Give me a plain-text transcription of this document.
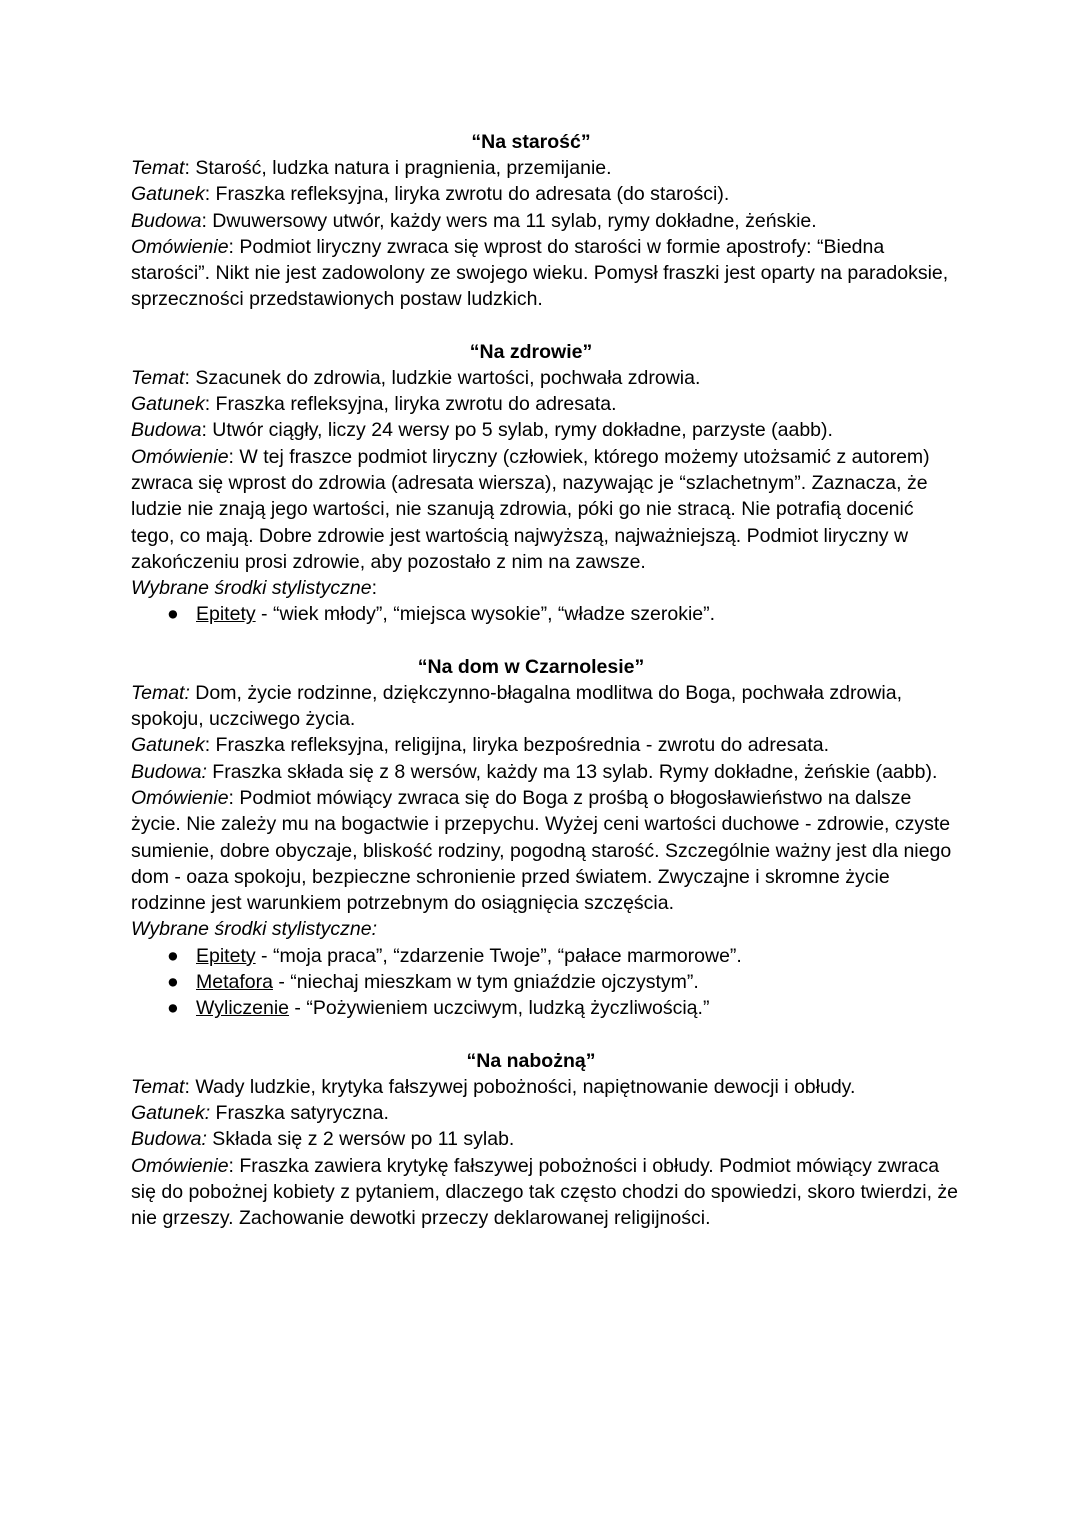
“Na starość”

Temat: Starość, ludzka natura i pragnienia, przemijanie.

Gatunek: Fraszka refleksyjna, liryka zwrotu do adresata (do starości).

Budowa: Dwuwersowy utwór, każdy wers ma 11 sylab, rymy dokładne, żeńskie.

Omówienie: Podmiot liryczny zwraca się wprost do starości w formie apostrofy: “Biedna starości”. Nikt nie jest zadowolony ze swojego wieku. Pomysł fraszki jest oparty na paradoksie, sprzeczności przedstawionych postaw ludzkich.

“Na zdrowie”

Temat: Szacunek do zdrowia, ludzkie wartości, pochwała zdrowia.

Gatunek: Fraszka refleksyjna, liryka zwrotu do adresata.

Budowa: Utwór ciągły, liczy 24 wersy po 5 sylab, rymy dokładne, parzyste (aabb).

Omówienie: W tej fraszce podmiot liryczny (człowiek, którego możemy utożsamić z autorem) zwraca się wprost do zdrowia (adresata wiersza), nazywając je “szlachetnym”. Zaznacza, że ludzie nie znają jego wartości, nie szanują zdrowia, póki go nie stracą. Nie potrafią docenić tego, co mają. Dobre zdrowie jest wartością najwyższą, najważniejszą. Podmiot liryczny w zakończeniu prosi zdrowie, aby pozostało z nim na zawsze.

Wybrane środki stylistyczne:

● Epitety - “wiek młody”, “miejsca wysokie”, “władze szerokie”.

“Na dom w Czarnolesie”

Temat: Dom, życie rodzinne, dziękczynno-błagalna modlitwa do Boga, pochwała zdrowia, spokoju, uczciwego życia.

Gatunek: Fraszka refleksyjna, religijna, liryka bezpośrednia - zwrotu do adresata.

Budowa: Fraszka składa się z 8 wersów, każdy ma 13 sylab. Rymy dokładne, żeńskie (aabb).

Omówienie: Podmiot mówiący zwraca się do Boga z prośbą o błogosławieństwo na dalsze życie. Nie zależy mu na bogactwie i przepychu. Wyżej ceni wartości duchowe - zdrowie, czyste sumienie, dobre obyczaje, bliskość rodziny, pogodną starość. Szczególnie ważny jest dla niego dom - oaza spokoju, bezpieczne schronienie przed światem. Zwyczajne i skromne życie rodzinne jest warunkiem potrzebnym do osiągnięcia szczęścia.

Wybrane środki stylistyczne:

● Epitety - “moja praca”, “zdarzenie Twoje”, “pałace marmorowe”.
● Metafora - “niechaj mieszkam w tym gniaździe ojczystym”.
● Wyliczenie - “Pożywieniem uczciwym, ludzką życzliwością.”

“Na nabożną”

Temat: Wady ludzkie, krytyka fałszywej pobożności, napiętnowanie dewocji i obłudy.

Gatunek: Fraszka satyryczna.

Budowa: Składa się z 2 wersów po 11 sylab.

Omówienie: Fraszka zawiera krytykę fałszywej pobożności i obłudy. Podmiot mówiący zwraca się do pobożnej kobiety z pytaniem, dlaczego tak często chodzi do spowiedzi, skoro twierdzi, że nie grzeszy. Zachowanie dewotki przeczy deklarowanej religijności.
